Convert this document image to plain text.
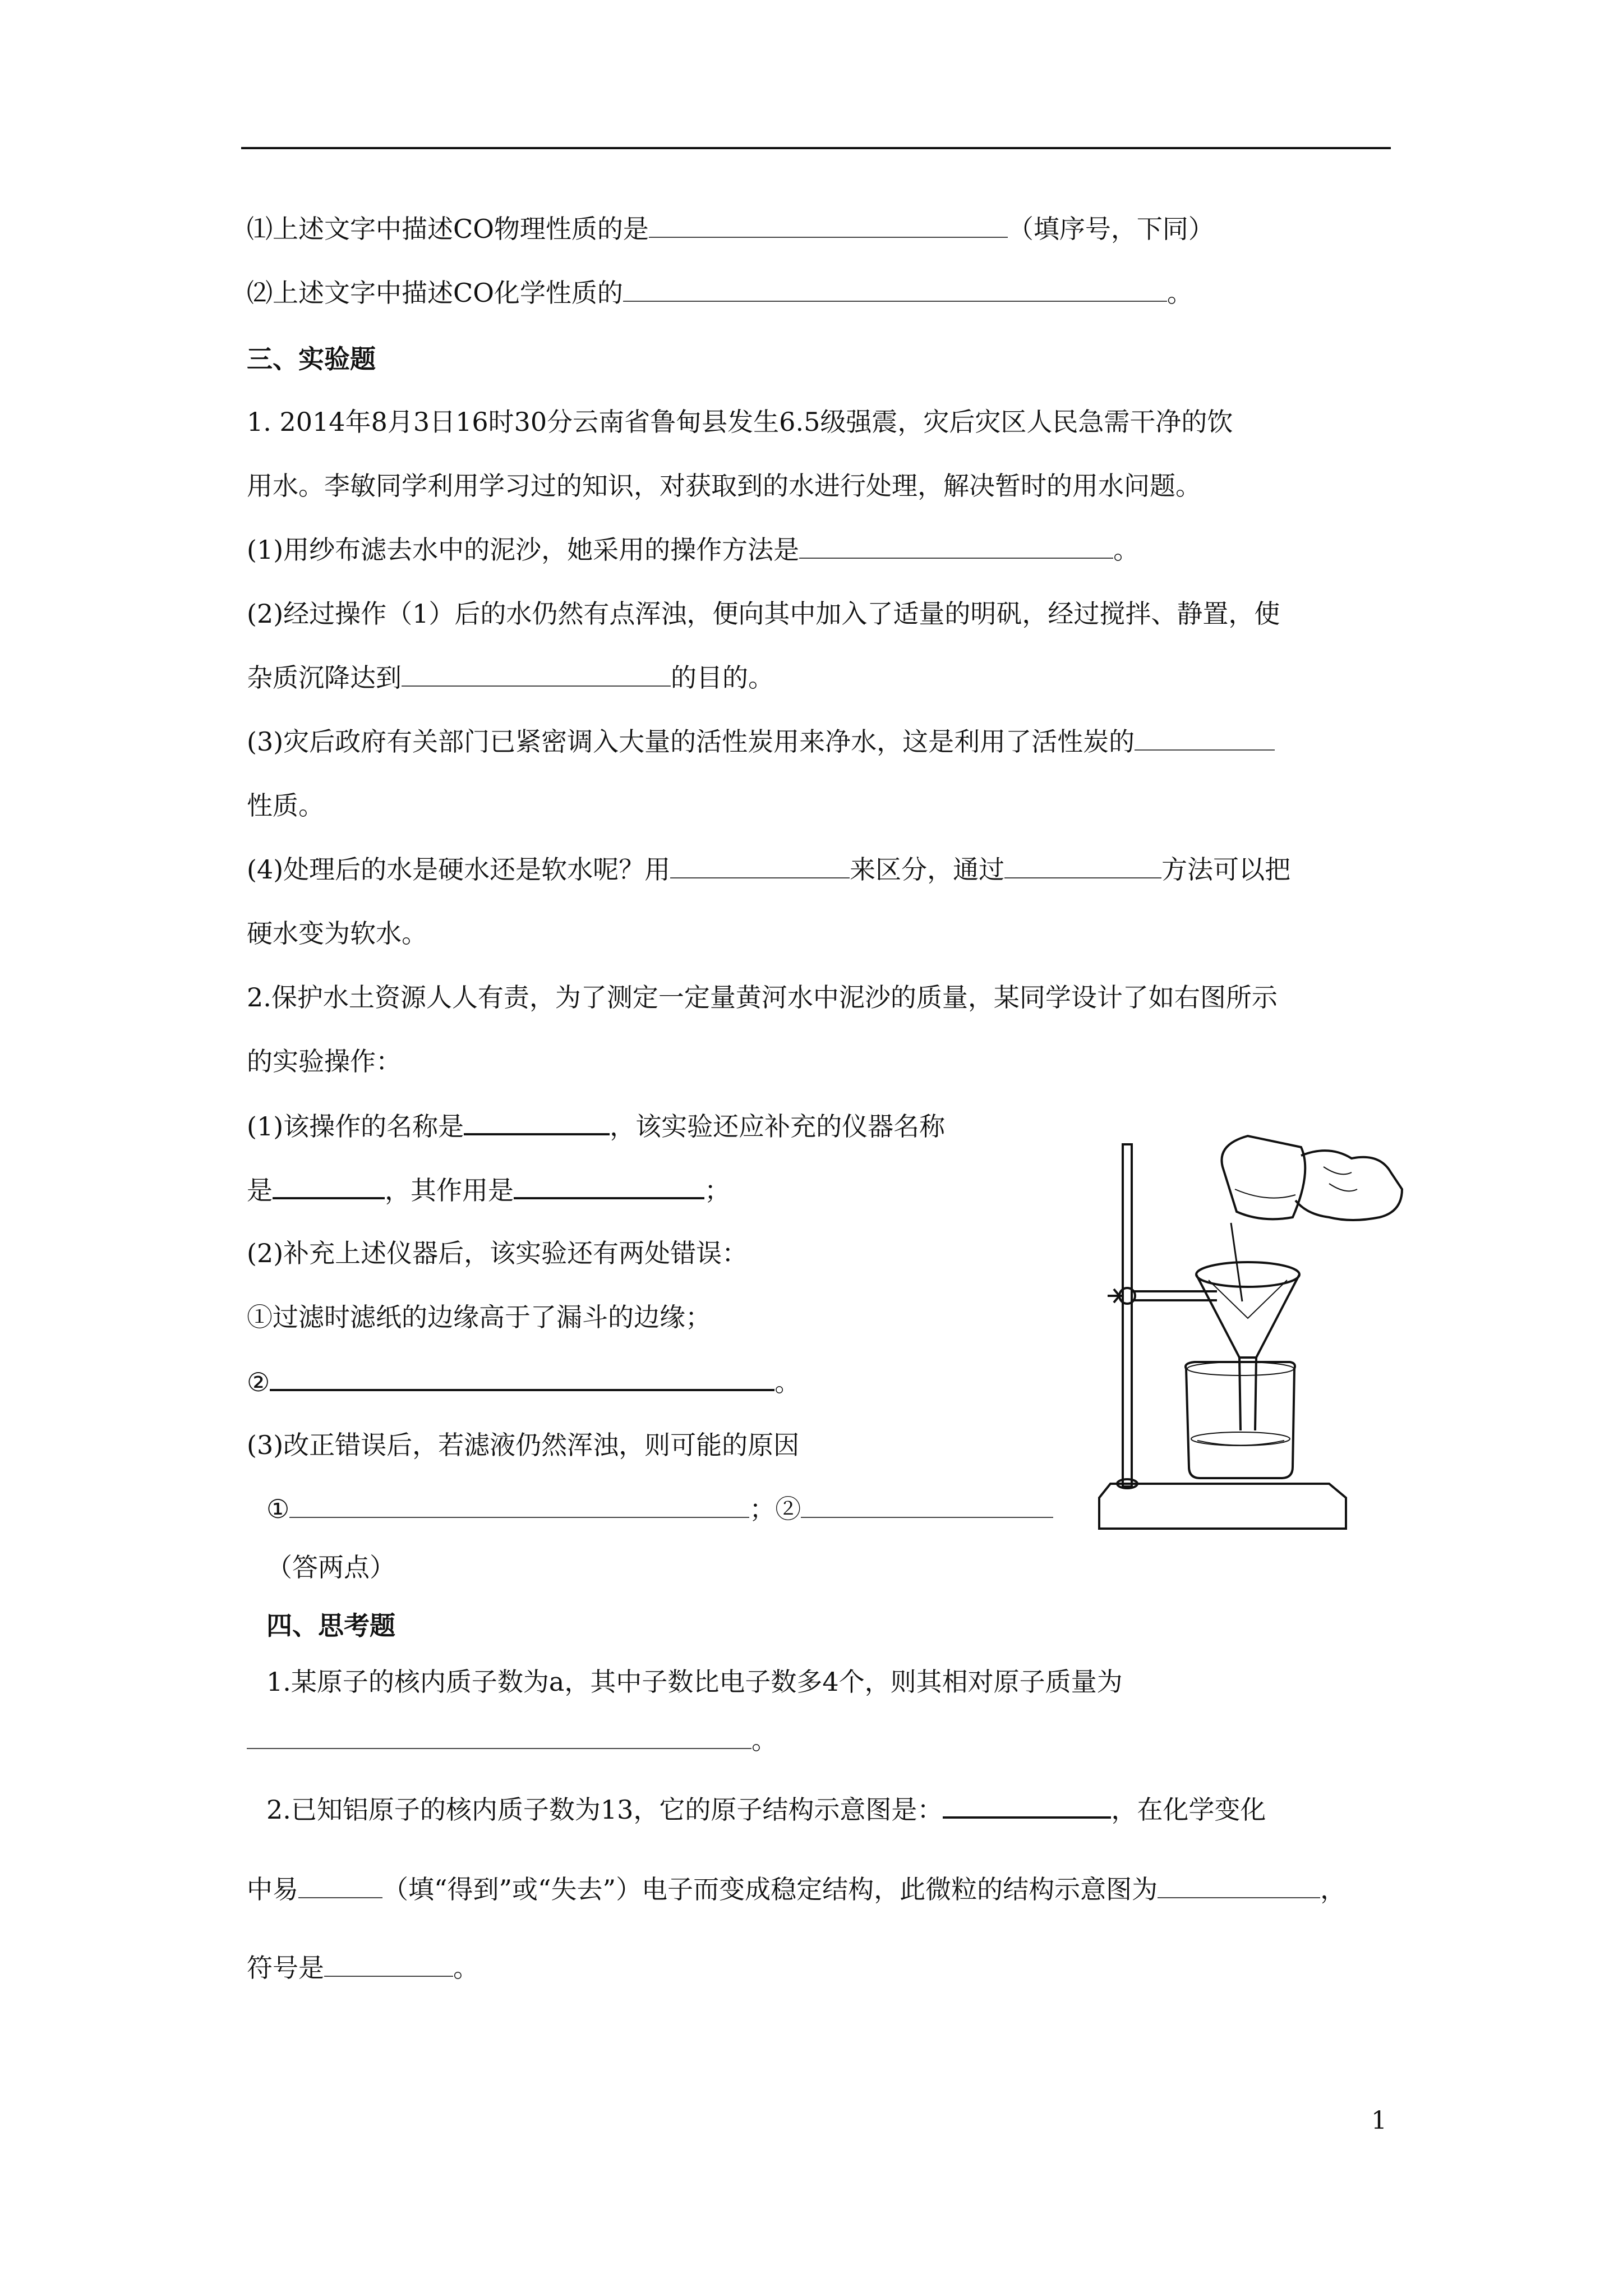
⑴上述文字中描述CO物理性质的是	（填序号，下同）
⑵上述文字中描述CO化学性质的	。
三、实验题
1. 2014年8月3日16时30分云南省鲁甸县发生6.5级强震，灾后灾区人民急需干净的饮
用水。李敏同学利用学习过的知识，对获取到的水进行处理，解决暂时的用水问题。
(1)用纱布滤去水中的泥沙，她采用的操作方法是	。
(2)经过操作（1）后的水仍然有点浑浊，便向其中加入了适量的明矾，经过搅拌、静置，使
杂质沉降达到	的目的。
(3)灾后政府有关部门已紧密调入大量的活性炭用来净水，这是利用了活性炭的
性质。
(4)处理后的水是硬水还是软水呢？用	来区分，通过	方法可以把
硬水变为软水。
2.保护水土资源人人有责，为了测定一定量黄河水中泥沙的质量，某同学设计了如右图所示
的实验操作：
(1)该操作的名称是	，该实验还应补充的仪器名称
是	，其作用是	；
(2)补充上述仪器后，该实验还有两处错误：
①过滤时滤纸的边缘高于了漏斗的边缘；
②	。
(3)改正错误后，若滤液仍然浑浊，则可能的原因
①	；②
（答两点）
四、思考题
1.某原子的核内质子数为a，其中子数比电子数多4个，则其相对原子质量为
。
2.已知铝原子的核内质子数为13，它的原子结构示意图是：	，在化学变化
中易	（填“得到”或“失去”）电子而变成稳定结构，此微粒的结构示意图为	，
符号是	。
1
